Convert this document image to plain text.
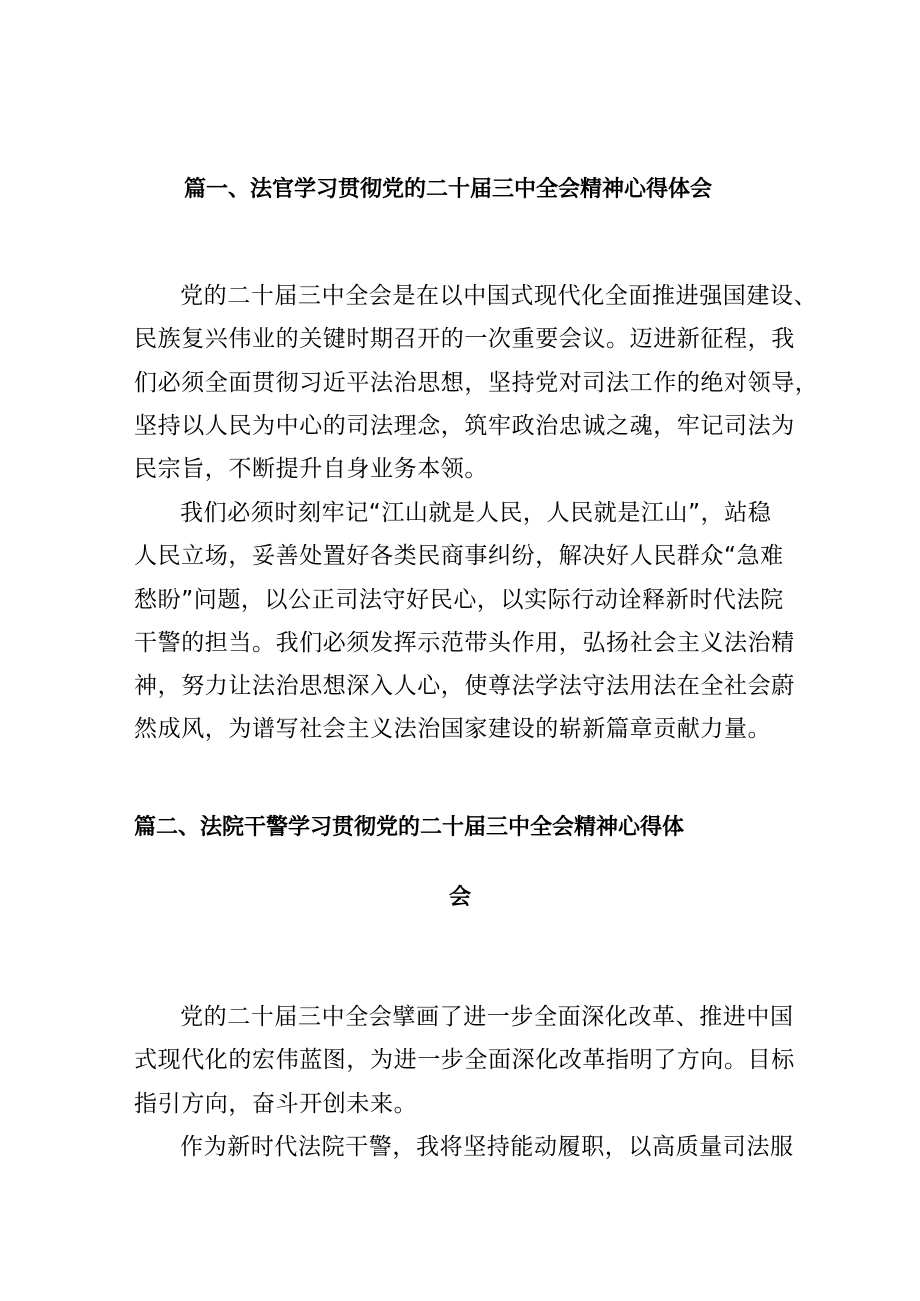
篇一、法官学习贯彻党的二十届三中全会精神心得体会
党的二十届三中全会是在以中国式现代化全面推进强国建设、
民族复兴伟业的关键时期召开的一次重要会议。迈进新征程，我
们必须全面贯彻习近平法治思想，坚持党对司法工作的绝对领导，
坚持以人民为中心的司法理念，筑牢政治忠诚之魂，牢记司法为
民宗旨，不断提升自身业务本领。
我们必须时刻牢记“江山就是人民，人民就是江山”，站稳
人民立场，妥善处置好各类民商事纠纷，解决好人民群众“急难
愁盼”问题，以公正司法守好民心，以实际行动诠释新时代法院
干警的担当。我们必须发挥示范带头作用，弘扬社会主义法治精
神，努力让法治思想深入人心，使尊法学法守法用法在全社会蔚
然成风，为谱写社会主义法治国家建设的崭新篇章贡献力量。
篇二、法院干警学习贯彻党的二十届三中全会精神心得体
会
党的二十届三中全会擘画了进一步全面深化改革、推进中国
式现代化的宏伟蓝图，为进一步全面深化改革指明了方向。目标
指引方向，奋斗开创未来。
作为新时代法院干警，我将坚持能动履职，以高质量司法服
